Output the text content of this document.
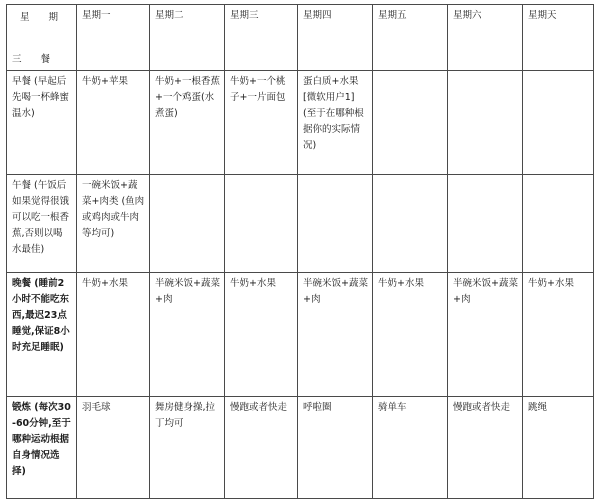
星 期
三 餐	星期一	星期二	星期三	星期四	星期五	星期六	星期天
早餐 (早起后先喝一杯蜂蜜温水)	牛奶+苹果	牛奶+一根香蕉+一个鸡蛋(水煮蛋)	牛奶+一个桃子+一片面包	蛋白质+水果[微软用户1] (至于在哪种根据你的实际情况)			
午餐 (午饭后如果觉得很饿可以吃一根香蕉,否则以喝水最佳)	一碗米饭+蔬菜+肉类 (鱼肉或鸡肉或牛肉等均可)						
晚餐 (睡前2小时不能吃东西,最迟23点睡觉,保证8小时充足睡眠)	牛奶+水果	半碗米饭+蔬菜+肉	牛奶+水果	半碗米饭+蔬菜+肉	牛奶+水果	半碗米饭+蔬菜+肉	牛奶+水果
锻炼 (每次30-60分钟,至于哪种运动根据自身情况选择)	羽毛球	舞房健身操,拉丁均可	慢跑或者快走	呼啦圈	骑单车	慢跑或者快走	跳绳
